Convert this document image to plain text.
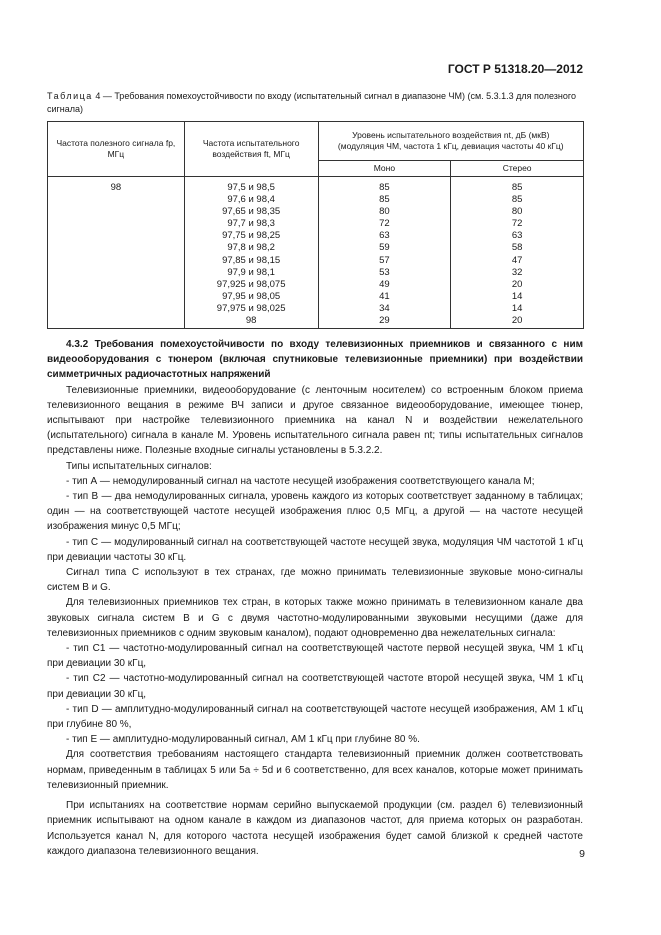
ГОСТ Р 51318.20—2012
Таблица 4 — Требования помехоустойчивости по входу (испытательный сигнал в диапазоне ЧМ) (см. 5.3.1.3 для полезного сигнала)
Частота полезного сигнала fp, МГц	Частота испытательного воздействия ft, МГц	Уровень испытательного воздействия nt, дБ (мкВ)
(модуляция ЧМ, частота 1 кГц, девиация частоты 40 кГц)	

		Моно	Стерео
98	97,5 и 98,5	85	85
	97,6 и 98,4	85	85
	97,65 и 98,35	80	80
	97,7 и 98,3	72	72
	97,75 и 98,25	63	63
	97,8 и 98,2	59	58
	97,85 и 98,15	57	47
	97,9 и 98,1	53	32
	97,925 и 98,075	49	20
	97,95 и 98,05	41	14
	97,975 и 98,025	34	14
	98	29	20

4.3.2 Требования помехоустойчивости по входу телевизионных приемников и связанного с ним видеооборудования с тюнером (включая спутниковые телевизионные приемники) при воздействии симметричных радиочастотных напряжений

Телевизионные приемники, видеооборудование (с ленточным носителем) со встроенным блоком приема телевизионного вещания в режиме ВЧ записи и другое связанное видеооборудование, имеющее тюнер, испытывают при настройке телевизионного приемника на канал N и воздействии нежелательного (испытательного) сигнала в канале M. Уровень испытательного сигнала равен nt; типы испытательных сигналов представлены ниже. Полезные входные сигналы установлены в 5.3.2.2.

Типы испытательных сигналов:

- тип А — немодулированный сигнал на частоте несущей изображения соответствующего канала M;

- тип В — два немодулированных сигнала, уровень каждого из которых соответствует заданному в таблицах; один — на соответствующей частоте несущей изображения плюс 0,5 МГц, а другой — на частоте несущей изображения минус 0,5 МГц;

- тип С — модулированный сигнал на соответствующей частоте несущей звука, модуляция ЧМ частотой 1 кГц при девиации частоты 30 кГц.

Сигнал типа С используют в тех странах, где можно принимать телевизионные звуковые моно-сигналы систем В и G.

Для телевизионных приемников тех стран, в которых также можно принимать в телевизионном канале два звуковых сигнала систем В и G с двумя частотно-модулированными звуковыми несущими (даже для телевизионных приемников с одним звуковым каналом), подают одновременно два нежелательных сигнала:

- тип С1 — частотно-модулированный сигнал на соответствующей частоте первой несущей звука, ЧМ 1 кГц при девиации 30 кГц,

- тип С2 — частотно-модулированный сигнал на соответствующей частоте второй несущей звука, ЧМ 1 кГц при девиации 30 кГц,

- тип D — амплитудно-модулированный сигнал на соответствующей частоте несущей изображения, АМ 1 кГц при глубине 80 %,

- тип Е — амплитудно-модулированный сигнал, АМ 1 кГц при глубине 80 %.

Для соответствия требованиям настоящего стандарта телевизионный приемник должен соответствовать нормам, приведенным в таблицах 5 или 5а ÷ 5d и 6 соответственно, для всех каналов, которые может принимать телевизионный приемник.

При испытаниях на соответствие нормам серийно выпускаемой продукции (см. раздел 6) телевизионный приемник испытывают на одном канале в каждом из диапазонов частот, для приема которых он разработан. Используется канал N, для которого частота несущей изображения будет самой близкой к средней частоте каждого диапазона телевизионного вещания.	9
